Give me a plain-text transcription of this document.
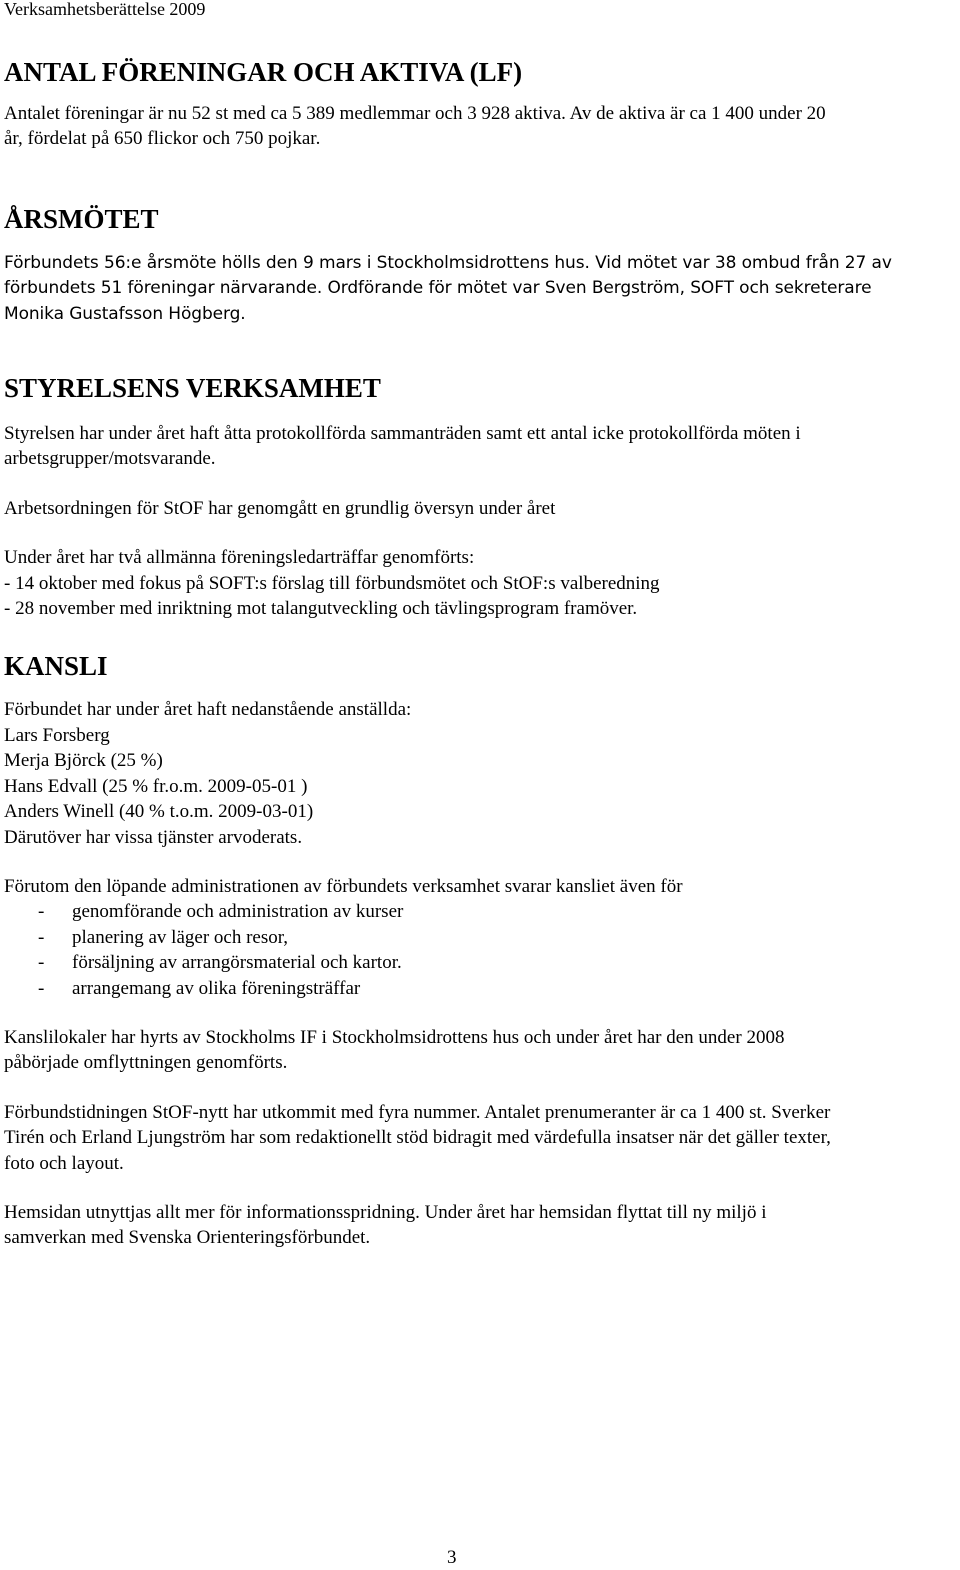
Verksamhetsberättelse 2009
ANTAL FÖRENINGAR OCH AKTIVA (LF)

Antalet föreningar är nu 52 st med ca 5 389 medlemmar och 3 928 aktiva. Av de aktiva är ca 1 400 under 20
år, fördelat på 650 flickor och 750 pojkar.

ÅRSMÖTET

Förbundets 56:e årsmöte hölls den 9 mars i Stockholmsidrottens hus. Vid mötet var 38 ombud från 27 av
förbundets 51 föreningar närvarande. Ordförande för mötet var Sven Bergström, SOFT och sekreterare
Monika Gustafsson Högberg.

STYRELSENS VERKSAMHET

Styrelsen har under året haft åtta protokollförda sammanträden samt ett antal icke protokollförda möten i
arbetsgrupper/motsvarande.

Arbetsordningen för StOF har genomgått en grundlig översyn under året

Under året har två allmänna föreningsledarträffar genomförts:
- 14 oktober med fokus på SOFT:s förslag till förbundsmötet och StOF:s valberedning
- 28 november med inriktning mot talangutveckling och tävlingsprogram framöver.

KANSLI

Förbundet har under året haft nedanstående anställda:
Lars Forsberg
Merja Björck (25 %)
Hans Edvall (25 % fr.o.m. 2009-05-01 )
Anders Winell (40 % t.o.m. 2009-03-01)
Därutöver har vissa tjänster arvoderats.

Förutom den löpande administrationen av förbundets verksamhet svarar kansliet även för
- genomförande och administration av kurser
- planering av läger och resor,
- försäljning av arrangörsmaterial och kartor.
- arrangemang av olika föreningsträffar

Kanslilokaler har hyrts av Stockholms IF i Stockholmsidrottens hus och under året har den under 2008
påbörjade omflyttningen genomförts.

Förbundstidningen StOF-nytt har utkommit med fyra nummer. Antalet prenumeranter är ca 1 400 st. Sverker
Tirén och Erland Ljungström har som redaktionellt stöd bidragit med värdefulla insatser när det gäller texter,
foto och layout.

Hemsidan utnyttjas allt mer för informationsspridning. Under året har hemsidan flyttat till ny miljö i
samverkan med Svenska Orienteringsförbundet.

3
